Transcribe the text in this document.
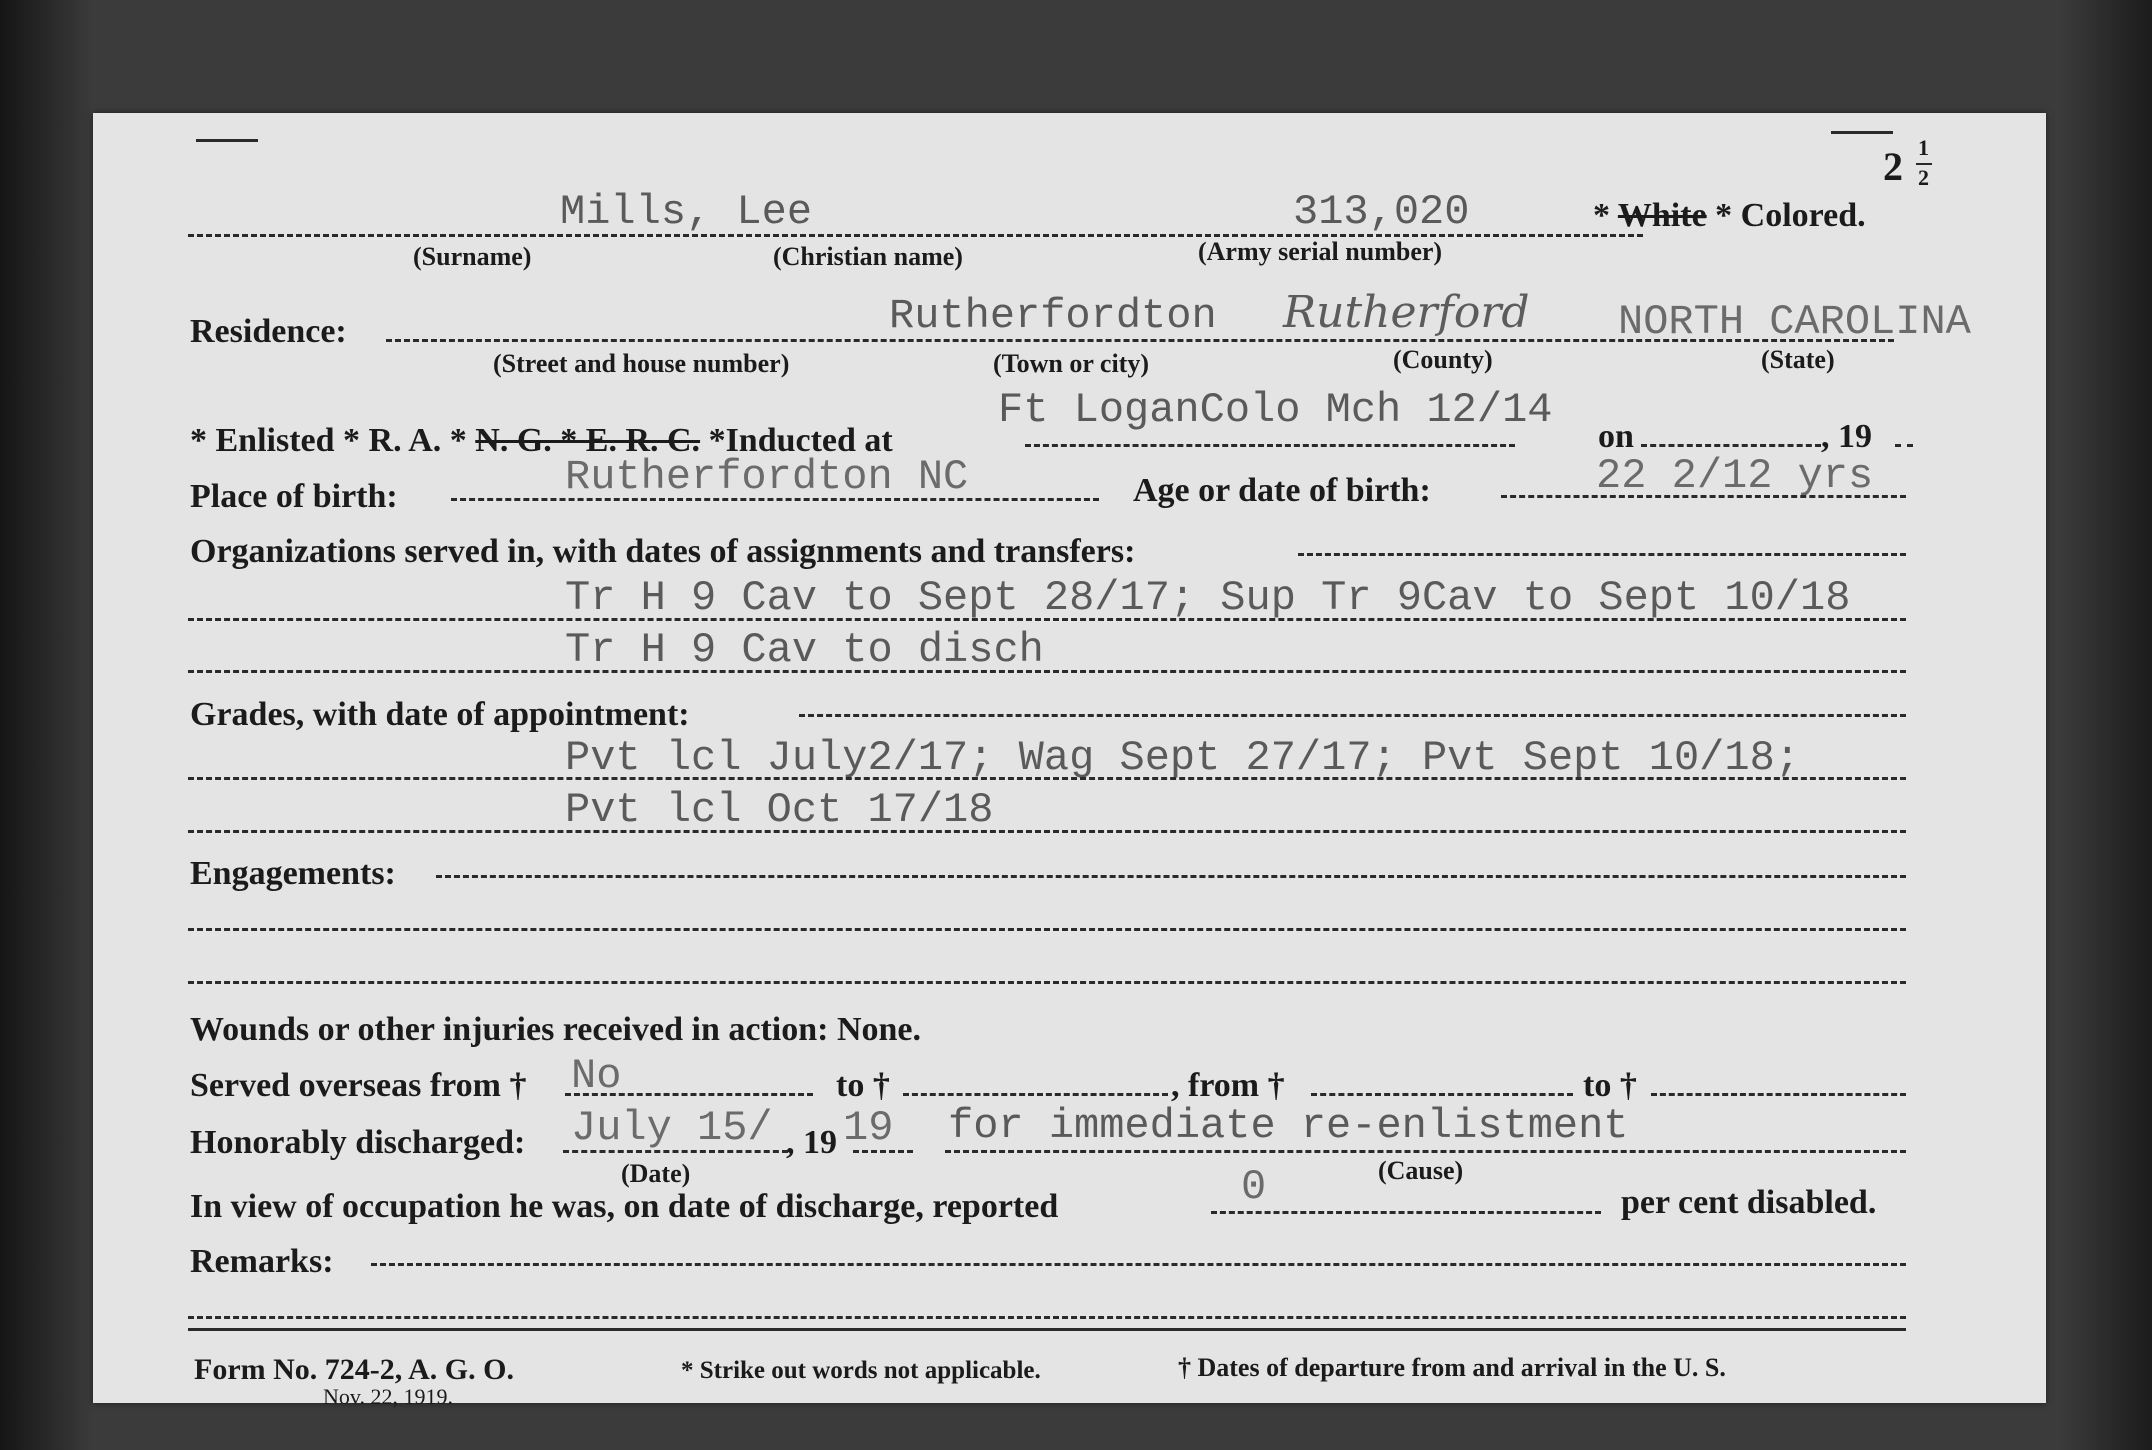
2 1
2
Mills, Lee	313,020	* White * Colored.
(Surname)	(Christian name)	(Army serial number)
Residence:	Rutherfordton Rutherford NORTH CAROLINA
(Street and house number)	(Town or city)	(County)	(State)
* Enlisted * R. A. * N. G. * E. R. C. *Inducted at
Ft LoganColo Mch 12/14
on	, 19
Place of birth:	Rutherfordton NC	Age or date of birth:	22 2/12 yrs
Organizations served in, with dates of assignments and transfers:
Tr H 9 Cav to Sept 28/17; Sup Tr 9Cav to Sept 10/18
Tr H 9 Cav to disch
Grades, with date of appointment:
Pvt lcl July2/17; Wag Sept 27/17; Pvt Sept 10/18;
Pvt lcl Oct 17/18
Engagements:
Wounds or other injuries received in action: None.
Served overseas from † No	to †	, from †	to †
Honorably discharged: July 15/ , 19 19 for immediate re-enlistment
(Date)	(Cause)
In view of occupation he was, on date of discharge, reported	0	per cent disabled.
Remarks:
Form No. 724-2, A. G. O.
Nov. 22, 1919.
* Strike out words not applicable.	† Dates of departure from and arrival in the U. S.
